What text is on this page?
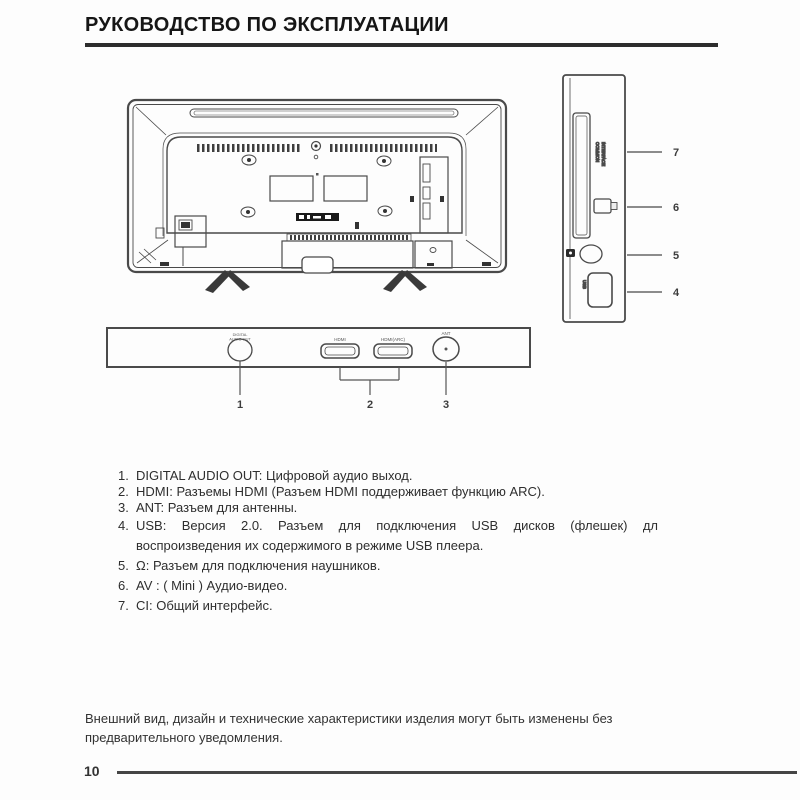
РУКОВОДСТВО ПО ЭКСПЛУАТАЦИИ
COMMON INTERFACE
USB
7
6
5
4
DIGITAL
AUDIO OUT	HDMI	HDMI(ARC)
ANT
1	2	3
1. DIGITAL AUDIO OUT: Цифровой аудио выход.
2. HDMI: Разъемы HDMI (Разъем HDMI поддерживает функцию ARC).
3. ANT: Разъем для антенны.
4. USB: Версия 2.0. Разъем для подключения USB дисков (флешек) дл
воспроизведения их содержимого в режиме USB плеера.
5. Ω: Разъем для подключения наушников.
6. AV : ( Mini ) Аудио-видео.
7. CI: Общий интерфейс.
Внешний вид, дизайн и технические характеристики изделия могут быть изменены без предварительного уведомления.
10
